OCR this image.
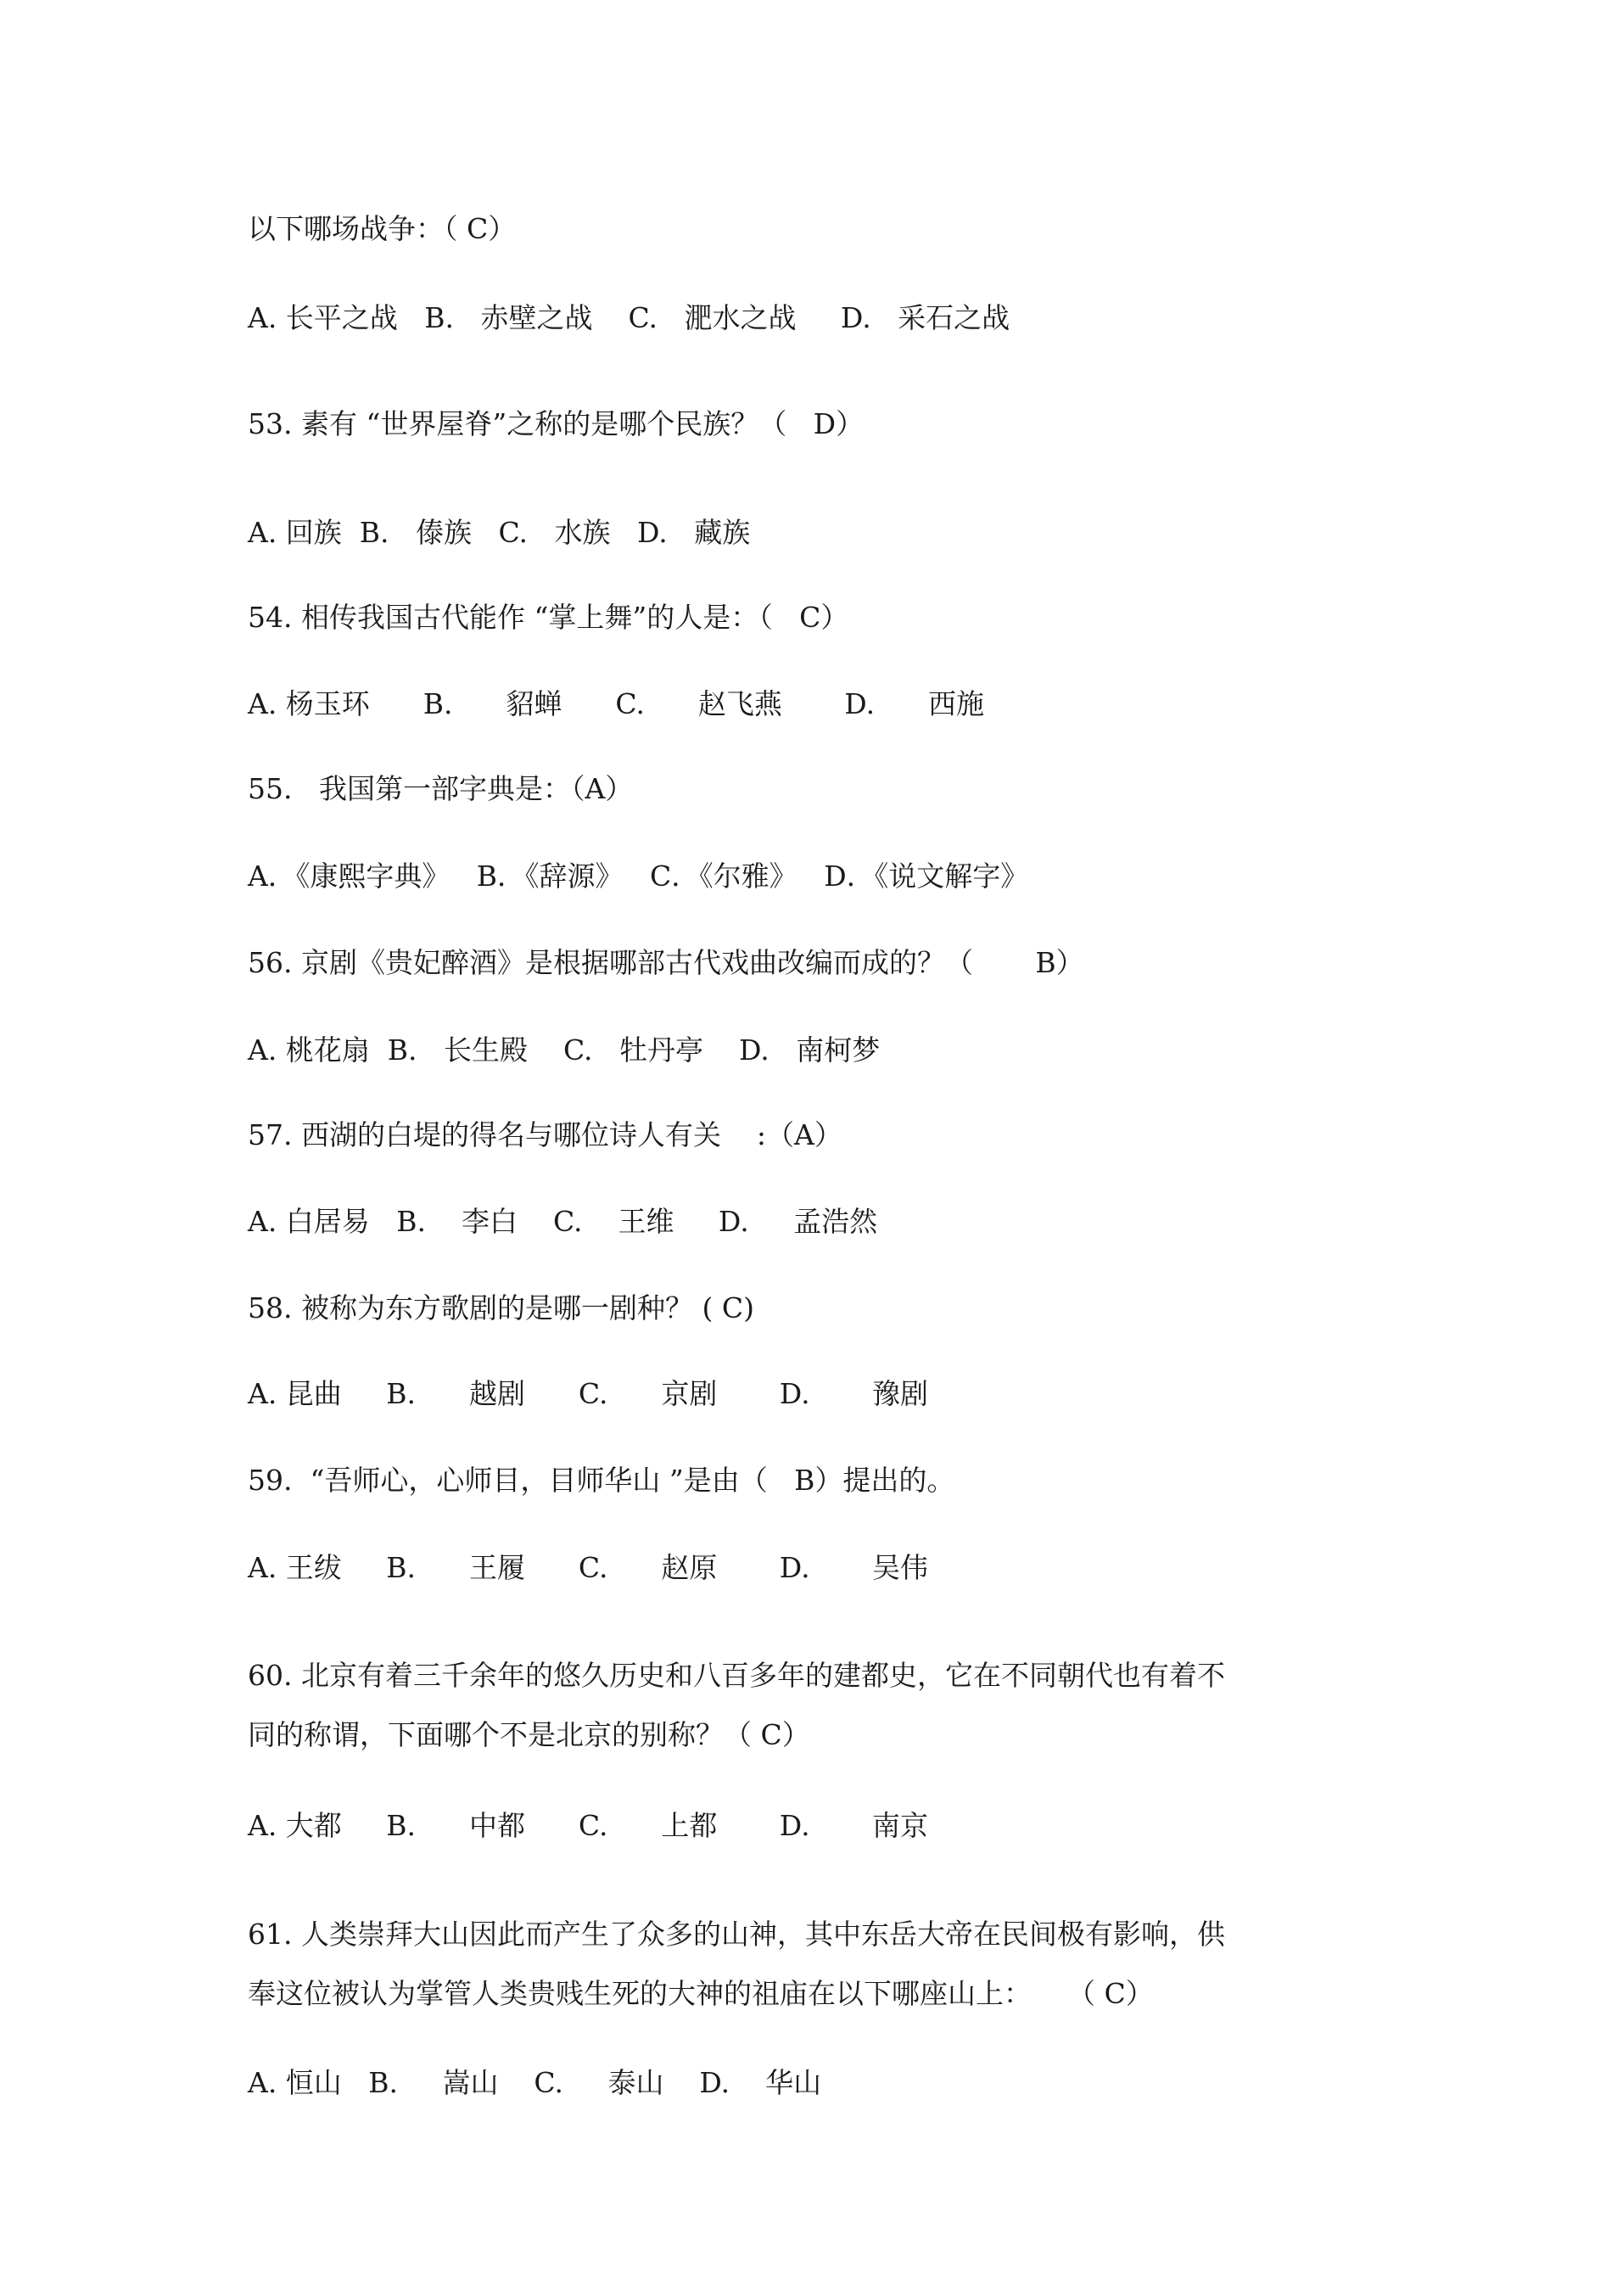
以下哪场战争：（ C）

A. 长平之战   B.   赤壁之战    C.   淝水之战     D.   采石之战

53. 素有 “世界屋脊”之称的是哪个民族？（   D）

A. 回族  B.   傣族   C.   水族   D.   藏族

54. 相传我国古代能作 “掌上舞”的人是：（   C）

A. 杨玉环      B.      貂蝉      C.      赵飞燕       D.      西施

55.   我国第一部字典是：（A）

A．《康熙字典》   B．《辞源》   C．《尔雅》   D．《说文解字》

56. 京剧《贵妃醉酒》是根据哪部古代戏曲改编而成的？（       B）

A. 桃花扇  B.   长生殿    C.   牡丹亭    D.   南柯梦

57. 西湖的白堤的得名与哪位诗人有关    :（A）

A. 白居易   B.    李白    C.    王维     D.     孟浩然

58. 被称为东方歌剧的是哪一剧种？ ( C)

A. 昆曲     B.      越剧      C.      京剧       D.       豫剧

59.  “吾师心，心师目，目师华山 ”是由（   B）提出的。

A. 王绂     B.      王履      C.      赵原       D.       吴伟

60. 北京有着三千余年的悠久历史和八百多年的建都史，它在不同朝代也有着不

同的称谓，下面哪个不是北京的别称？（ C）

A. 大都     B.      中都      C.      上都       D.       南京

61. 人类崇拜大山因此而产生了众多的山神，其中东岳大帝在民间极有影响，供

奉这位被认为掌管人类贵贱生死的大神的祖庙在以下哪座山上：    （ C）

A. 恒山   B.     嵩山    C.     泰山    D.    华山
